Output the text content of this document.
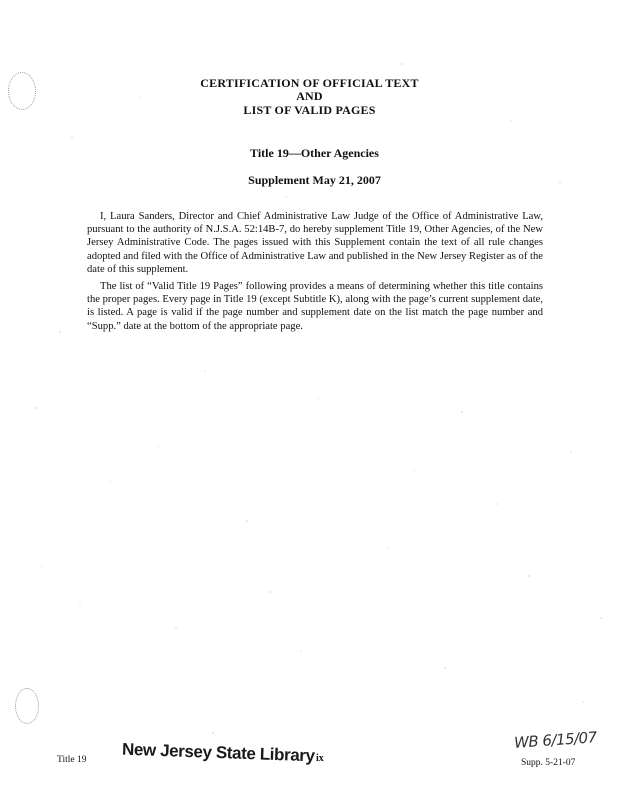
CERTIFICATION OF OFFICIAL TEXT
AND
LIST OF VALID PAGES
Title 19—Other Agencies
Supplement May 21, 2007

I, Laura Sanders, Director and Chief Administrative Law Judge of the Office of Administrative Law, pursuant to the authority of N.J.S.A. 52:14B-7, do hereby supplement Title 19, Other Agencies, of the New Jersey Administrative Code. The pages issued with this Supplement contain the text of all rule changes adopted and filed with the Office of Administrative Law and published in the New Jersey Register as of the date of this supplement.

The list of “Valid Title 19 Pages” following provides a means of determining whether this title contains the proper pages. Every page in Title 19 (except Subtitle K), along with the page’s current supplement date, is listed. A page is valid if the page number and supplement date on the list match the page number and “Supp.” date at the bottom of the appropriate page.

Title 19 New Jersey State Library ix
WB 6/15/07
Supp. 5-21-07
